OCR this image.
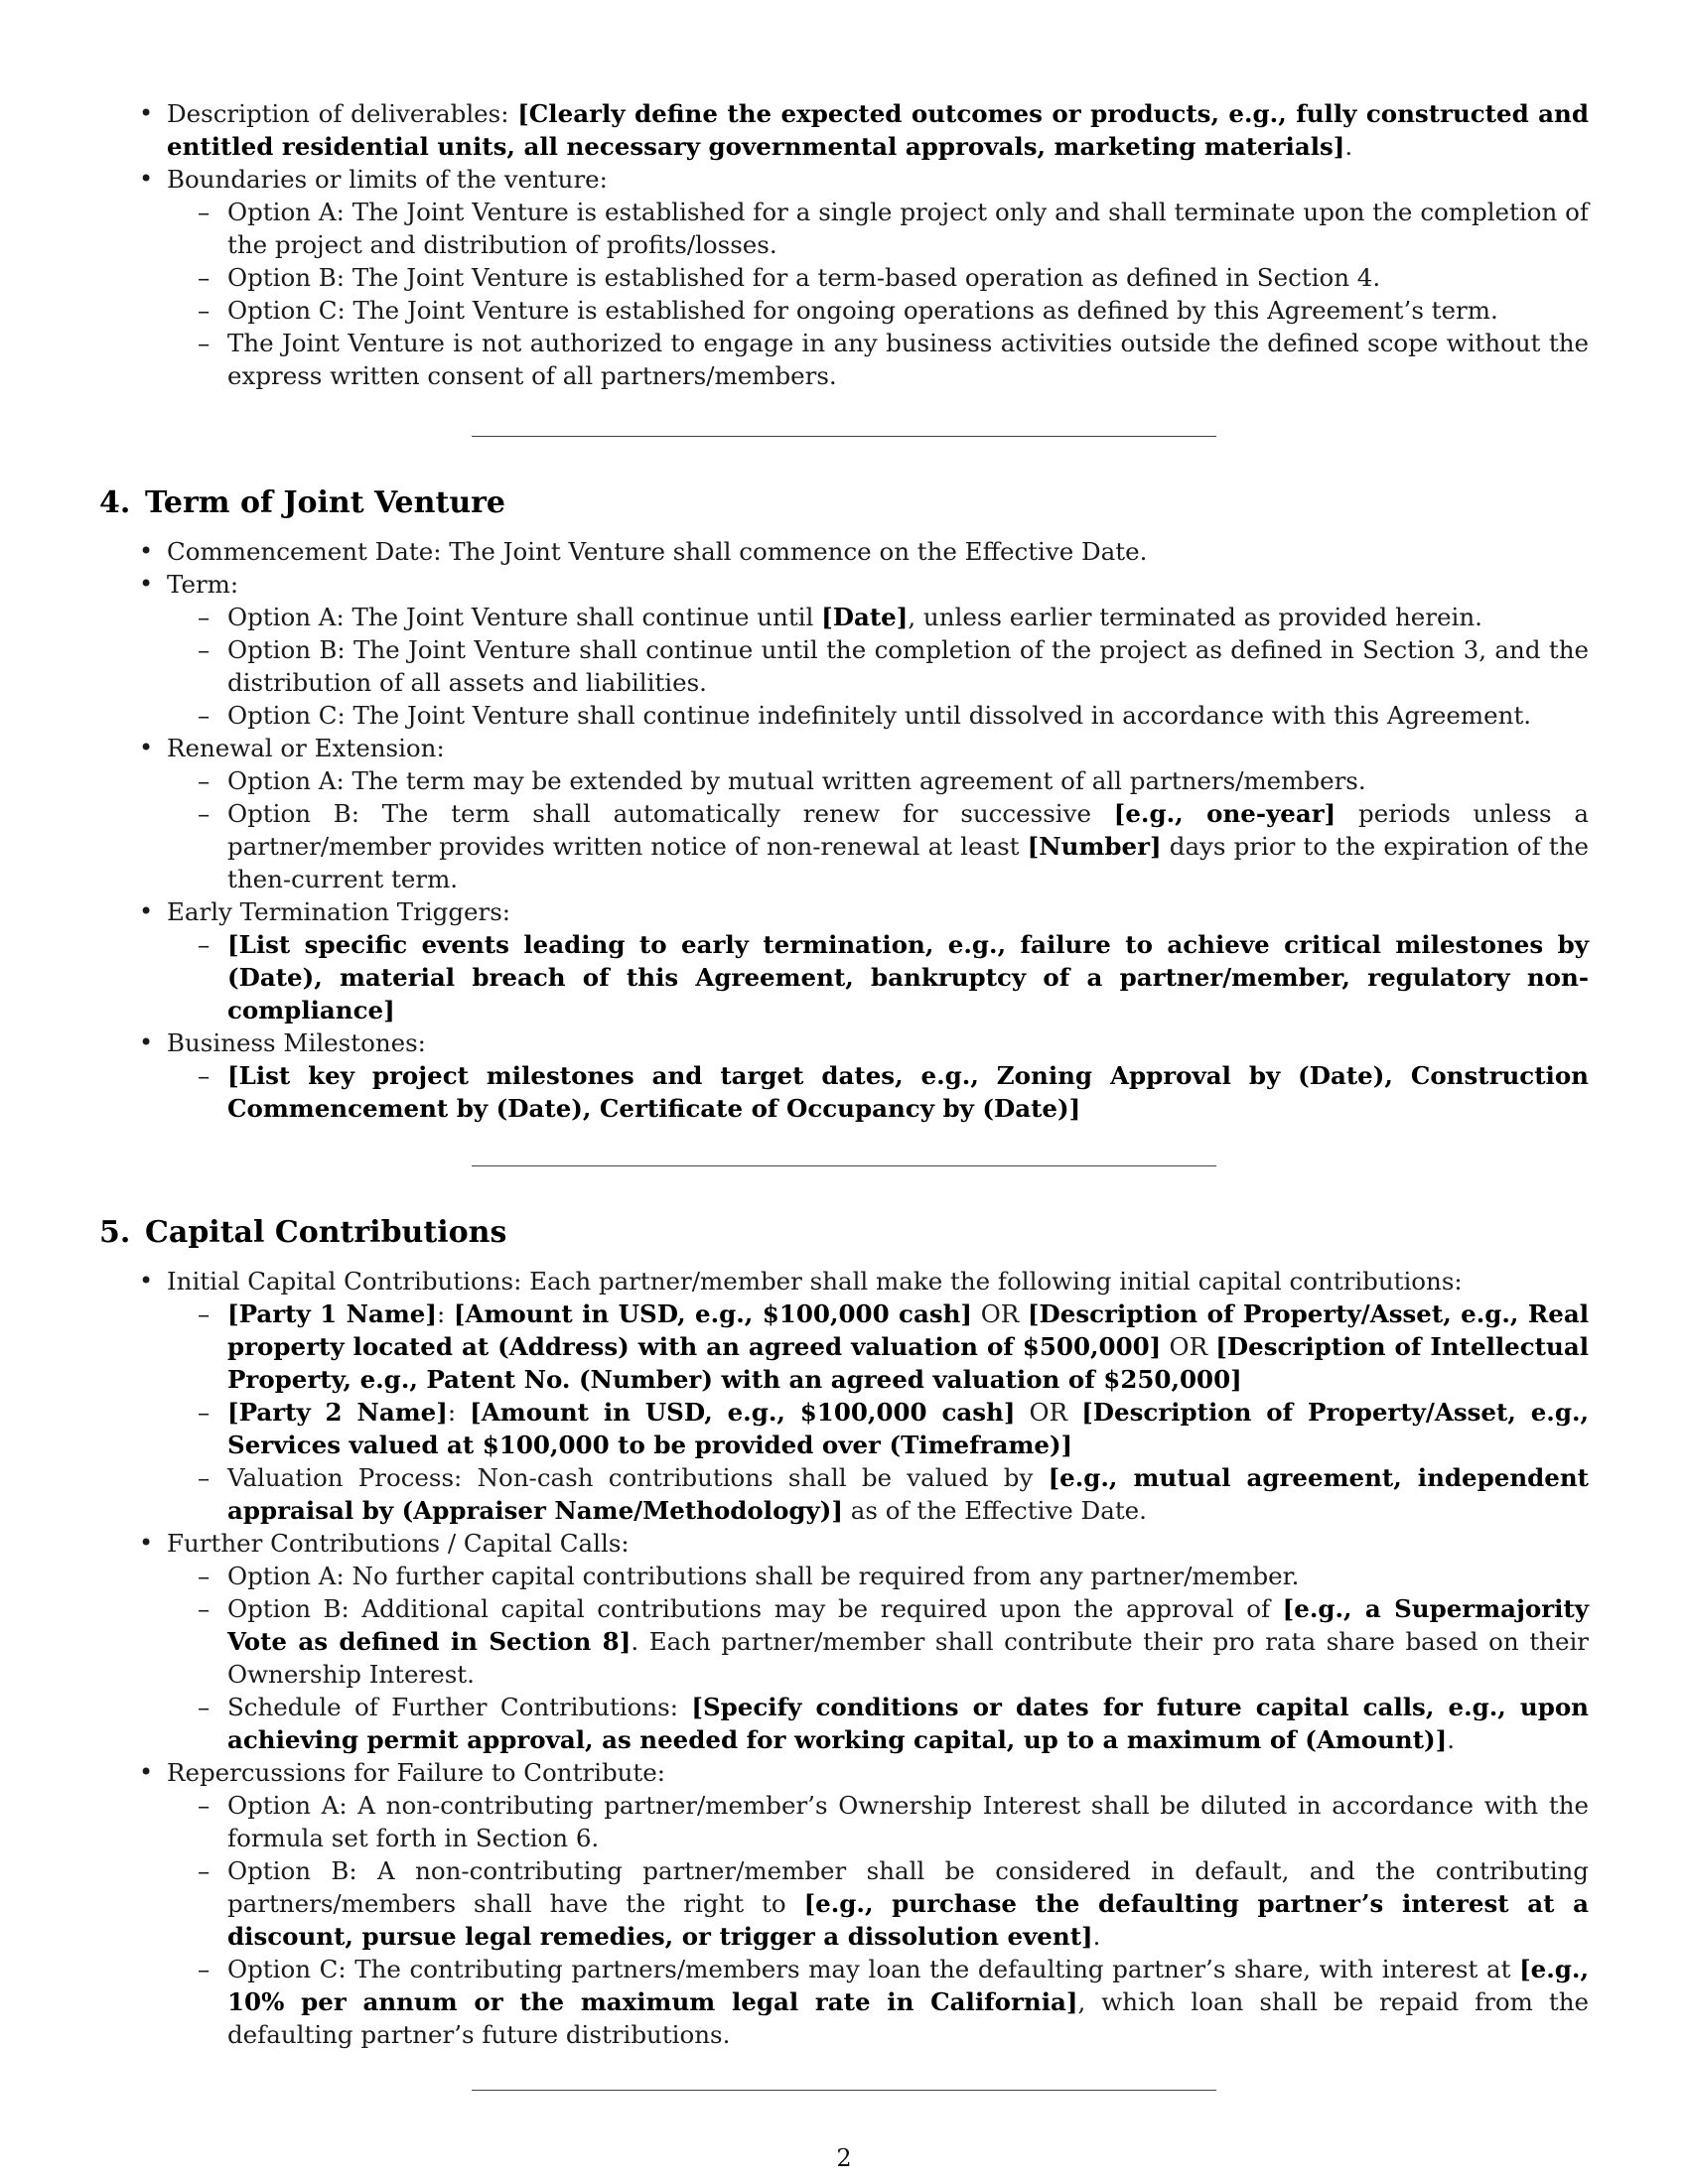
• Description of deliverables: [Clearly define the expected outcomes or products, e.g., fully constructed and entitled residential units, all necessary governmental approvals, marketing materials].
• Boundaries or limits of the venture:
– Option A: The Joint Venture is established for a single project only and shall terminate upon the completion of the project and distribution of profits/losses.
– Option B: The Joint Venture is established for a term-based operation as defined in Section 4.
– Option C: The Joint Venture is established for ongoing operations as defined by this Agreement’s term.
– The Joint Venture is not authorized to engage in any business activities outside the defined scope without the express written consent of all partners/members.
4. Term of Joint Venture
• Commencement Date: The Joint Venture shall commence on the Effective Date.
• Term:
– Option A: The Joint Venture shall continue until [Date], unless earlier terminated as provided herein.
– Option B: The Joint Venture shall continue until the completion of the project as defined in Section 3, and the distribution of all assets and liabilities.
– Option C: The Joint Venture shall continue indefinitely until dissolved in accordance with this Agreement.
• Renewal or Extension:
– Option A: The term may be extended by mutual written agreement of all partners/members.
– Option B: The term shall automatically renew for successive [e.g., one-year] periods unless a partner/member provides written notice of non-renewal at least [Number] days prior to the expiration of the then-current term.
• Early Termination Triggers:
– [List specific events leading to early termination, e.g., failure to achieve critical milestones by (Date), material breach of this Agreement, bankruptcy of a partner/member, regulatory non-compliance]
• Business Milestones:
– [List key project milestones and target dates, e.g., Zoning Approval by (Date), Construction Commencement by (Date), Certificate of Occupancy by (Date)]
5. Capital Contributions
• Initial Capital Contributions: Each partner/member shall make the following initial capital contributions:
– [Party 1 Name]: [Amount in USD, e.g., $100,000 cash] OR [Description of Property/Asset, e.g., Real property located at (Address) with an agreed valuation of $500,000] OR [Description of Intellectual Property, e.g., Patent No. (Number) with an agreed valuation of $250,000]
– [Party 2 Name]: [Amount in USD, e.g., $100,000 cash] OR [Description of Property/Asset, e.g., Services valued at $100,000 to be provided over (Timeframe)]
– Valuation Process: Non-cash contributions shall be valued by [e.g., mutual agreement, independent appraisal by (Appraiser Name/Methodology)] as of the Effective Date.
• Further Contributions / Capital Calls:
– Option A: No further capital contributions shall be required from any partner/member.
– Option B: Additional capital contributions may be required upon the approval of [e.g., a Supermajority Vote as defined in Section 8]. Each partner/member shall contribute their pro rata share based on their Ownership Interest.
– Schedule of Further Contributions: [Specify conditions or dates for future capital calls, e.g., upon achieving permit approval, as needed for working capital, up to a maximum of (Amount)].
• Repercussions for Failure to Contribute:
– Option A: A non-contributing partner/member’s Ownership Interest shall be diluted in accordance with the formula set forth in Section 6.
– Option B: A non-contributing partner/member shall be considered in default, and the contributing partners/members shall have the right to [e.g., purchase the defaulting partner’s interest at a discount, pursue legal remedies, or trigger a dissolution event].
– Option C: The contributing partners/members may loan the defaulting partner’s share, with interest at [e.g., 10% per annum or the maximum legal rate in California], which loan shall be repaid from the defaulting partner’s future distributions.
2
